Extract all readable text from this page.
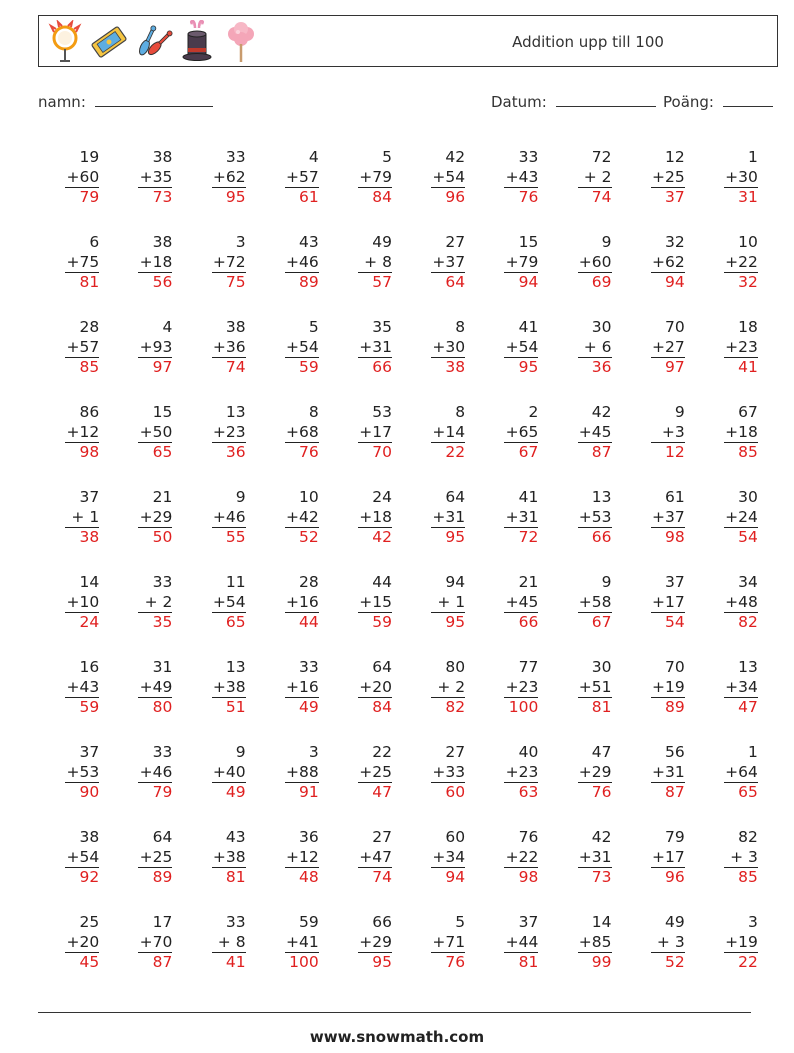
Addition upp till 100
namn:	Datum:	Poäng:
19
+60
79
38
+35
73
33
+62
95
4
+57
61
5
+79
84
42
+54
96
33
+43
76
72
+ 2
74
12
+25
37
1
+30
31
6
+75
81
38
+18
56
3
+72
75
43
+46
89
49
+ 8
57
27
+37
64
15
+79
94
9
+60
69
32
+62
94
10
+22
32
28
+57
85
4
+93
97
38
+36
74
5
+54
59
35
+31
66
8
+30
38
41
+54
95
30
+ 6
36
70
+27
97
18
+23
41
86
+12
98
15
+50
65
13
+23
36
8
+68
76
53
+17
70
8
+14
22
2
+65
67
42
+45
87
9
+3
12
67
+18
85
37
+ 1
38
21
+29
50
9
+46
55
10
+42
52
24
+18
42
64
+31
95
41
+31
72
13
+53
66
61
+37
98
30
+24
54
14
+10
24
33
+ 2
35
11
+54
65
28
+16
44
44
+15
59
94
+ 1
95
21
+45
66
9
+58
67
37
+17
54
34
+48
82
16
+43
59
31
+49
80
13
+38
51
33
+16
49
64
+20
84
80
+ 2
82
77
+23
100
30
+51
81
70
+19
89
13
+34
47
37
+53
90
33
+46
79
9
+40
49
3
+88
91
22
+25
47
27
+33
60
40
+23
63
47
+29
76
56
+31
87
1
+64
65
38
+54
92
64
+25
89
43
+38
81
36
+12
48
27
+47
74
60
+34
94
76
+22
98
42
+31
73
79
+17
96
82
+ 3
85
25
+20
45
17
+70
87
33
+ 8
41
59
+41
100
66
+29
95
5
+71
76
37
+44
81
14
+85
99
49
+ 3
52
3
+19
22
www.snowmath.com
